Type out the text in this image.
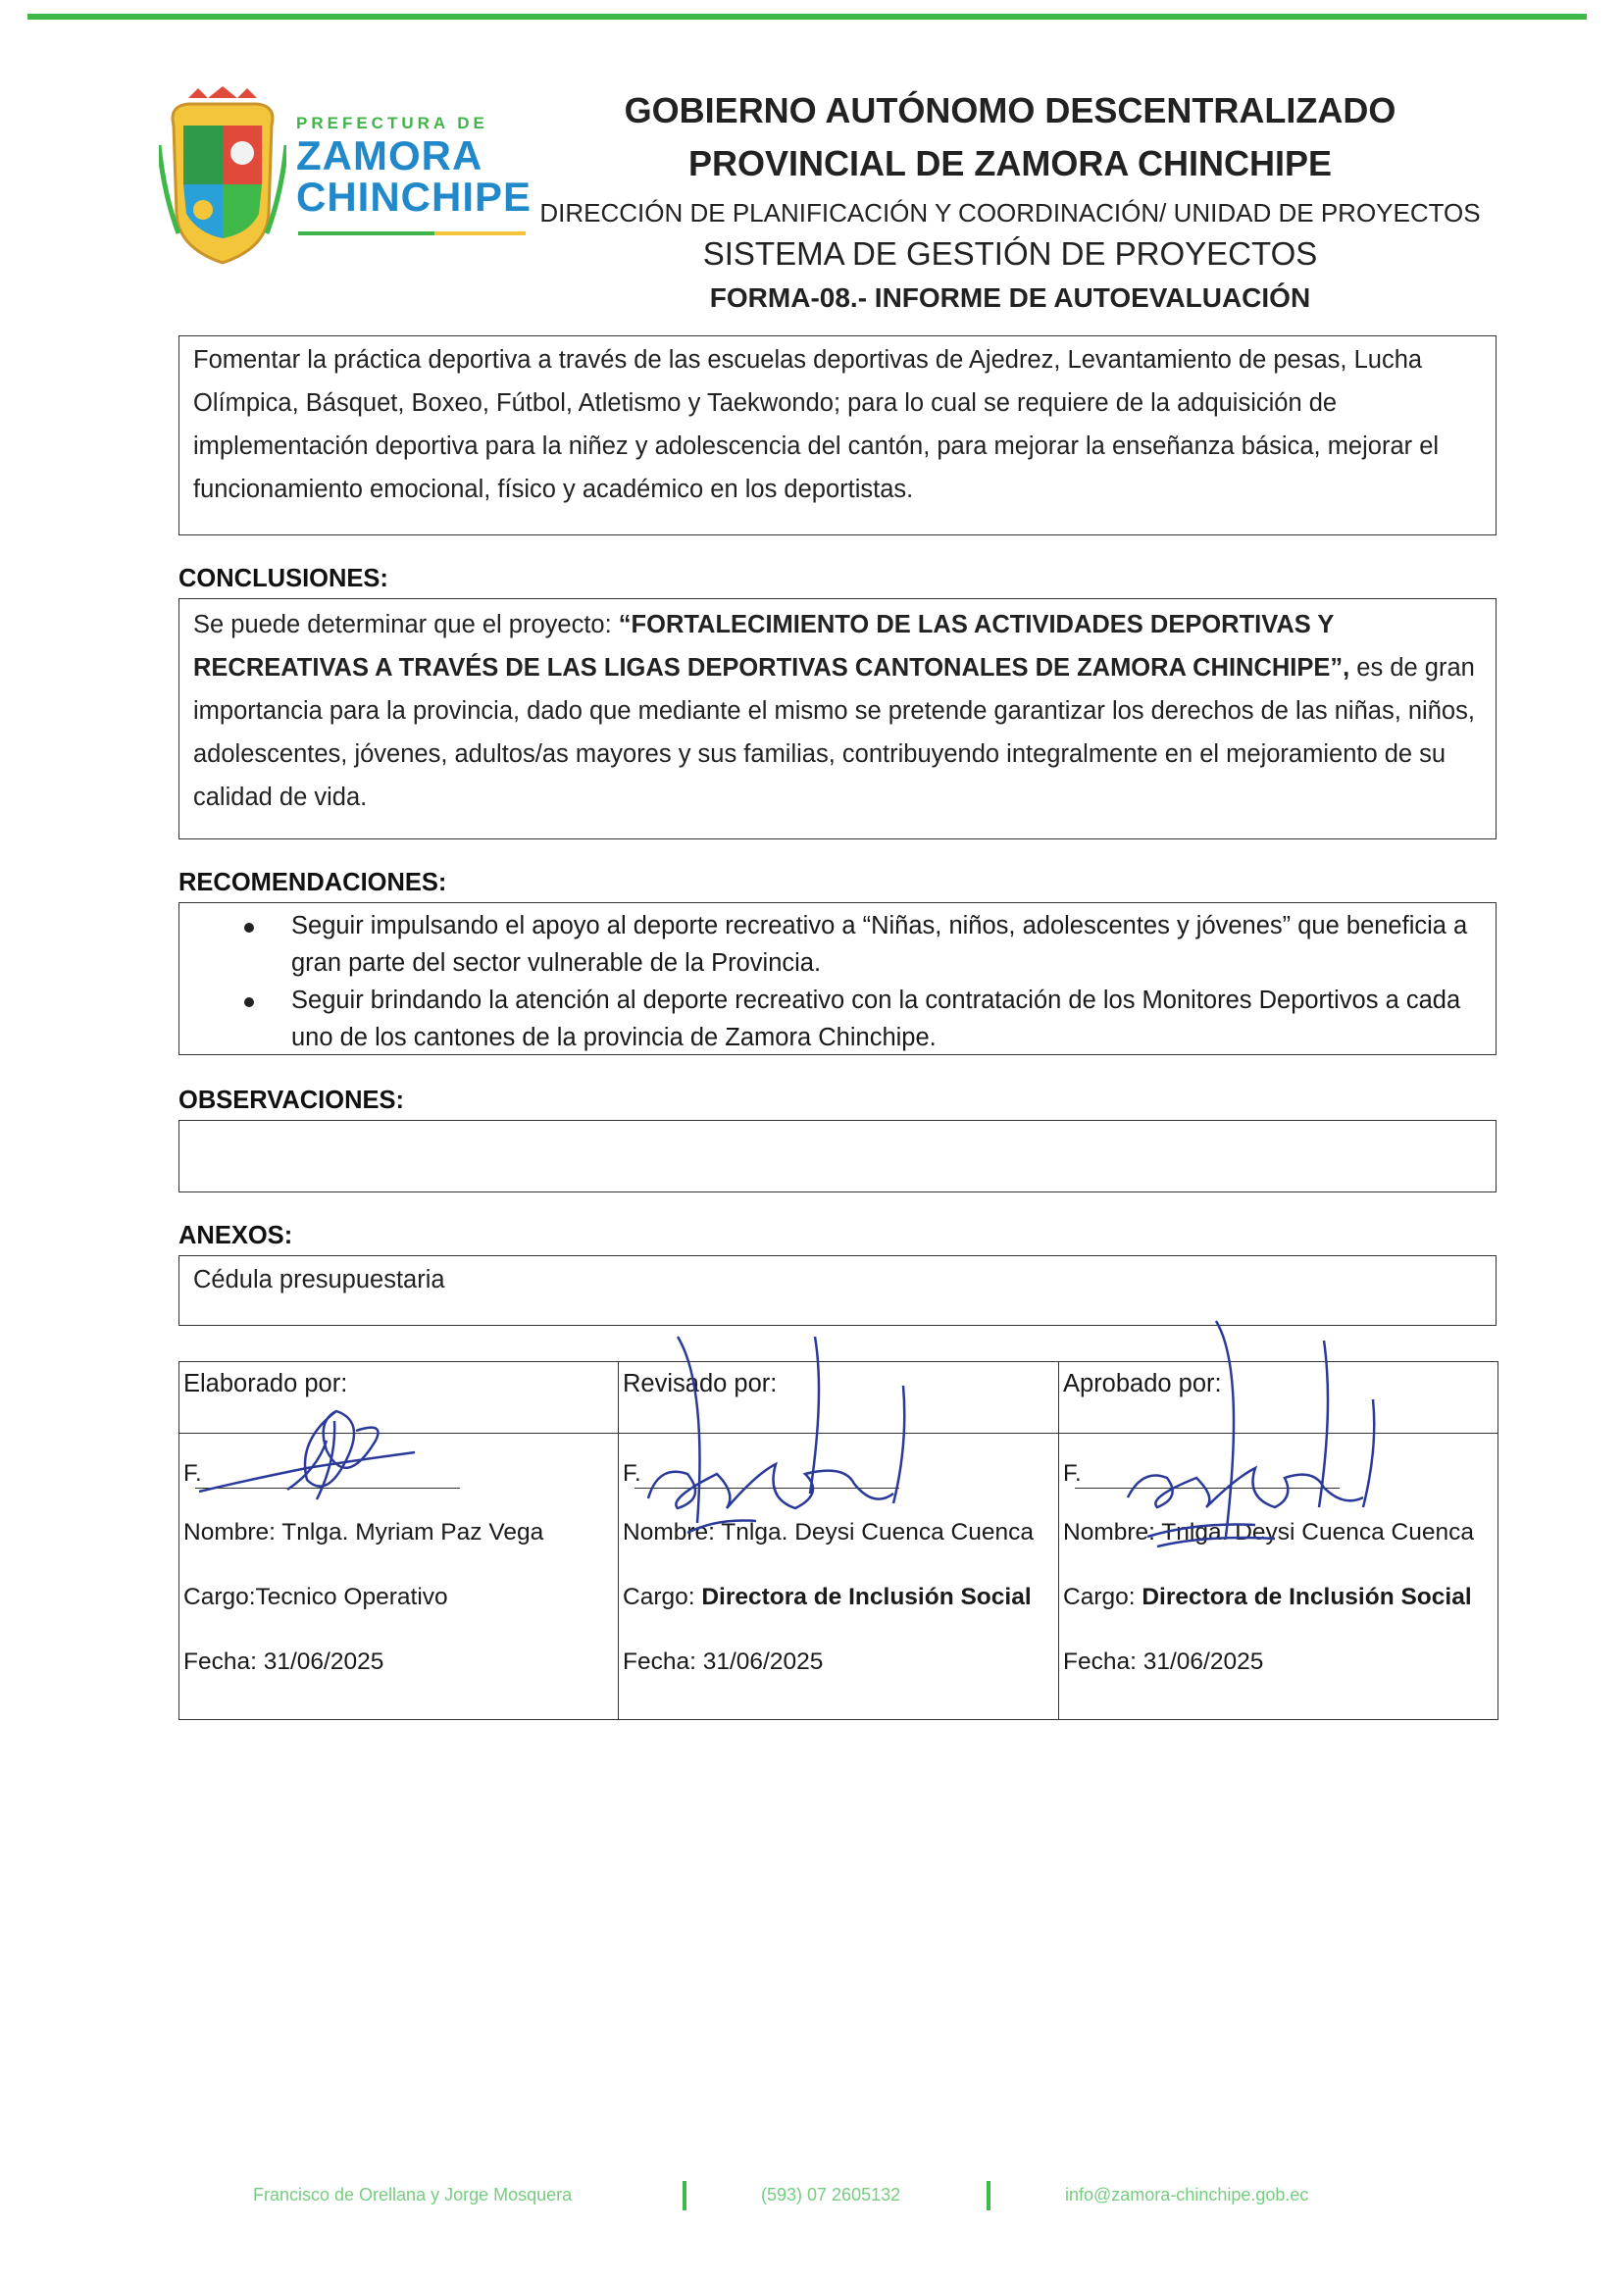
PREFECTURA DE
ZAMORA
CHINCHIPE
GOBIERNO AUTÓNOMO DESCENTRALIZADO
PROVINCIAL DE ZAMORA CHINCHIPE
DIRECCIÓN DE PLANIFICACIÓN Y COORDINACIÓN/ UNIDAD DE PROYECTOS
SISTEMA DE GESTIÓN DE PROYECTOS
FORMA-08.- INFORME DE AUTOEVALUACIÓN
Fomentar la práctica deportiva a través de las escuelas deportivas de Ajedrez, Levantamiento de pesas, Lucha Olímpica, Básquet, Boxeo, Fútbol, Atletismo y Taekwondo; para lo cual se requiere de la adquisición de implementación deportiva para la niñez y adolescencia del cantón, para mejorar la enseñanza básica, mejorar el funcionamiento emocional, físico y académico en los deportistas.
CONCLUSIONES:
Se puede determinar que el proyecto: “FORTALECIMIENTO DE LAS ACTIVIDADES DEPORTIVAS Y RECREATIVAS A TRAVÉS DE LAS LIGAS DEPORTIVAS CANTONALES DE ZAMORA CHINCHIPE”, es de gran importancia para la provincia, dado que mediante el mismo se pretende garantizar los derechos de las niñas, niños, adolescentes, jóvenes, adultos/as mayores y sus familias, contribuyendo integralmente en el mejoramiento de su calidad de vida.
RECOMENDACIONES:
Seguir impulsando el apoyo al deporte recreativo a “Niñas, niños, adolescentes y jóvenes” que beneficia a gran parte del sector vulnerable de la Provincia.
Seguir brindando la atención al deporte recreativo con la contratación de los Monitores Deportivos a cada uno de los cantones de la provincia de Zamora Chinchipe.
OBSERVACIONES:
ANEXOS:
Cédula presupuestaria
Elaborado por:
F.
Nombre: Tnlga. Myriam Paz Vega
Cargo:Tecnico Operativo
Fecha: 31/06/2025
Revisado por:
F.
Nombre: Tnlga. Deysi Cuenca Cuenca
Cargo: Directora de Inclusión Social
Fecha: 31/06/2025
Aprobado por:
F.
Nombre: Tnlga. Deysi Cuenca Cuenca
Cargo: Directora de Inclusión Social
Fecha: 31/06/2025
Francisco de Orellana y Jorge Mosquera	(593) 07 2605132	info@zamora-chinchipe.gob.ec
